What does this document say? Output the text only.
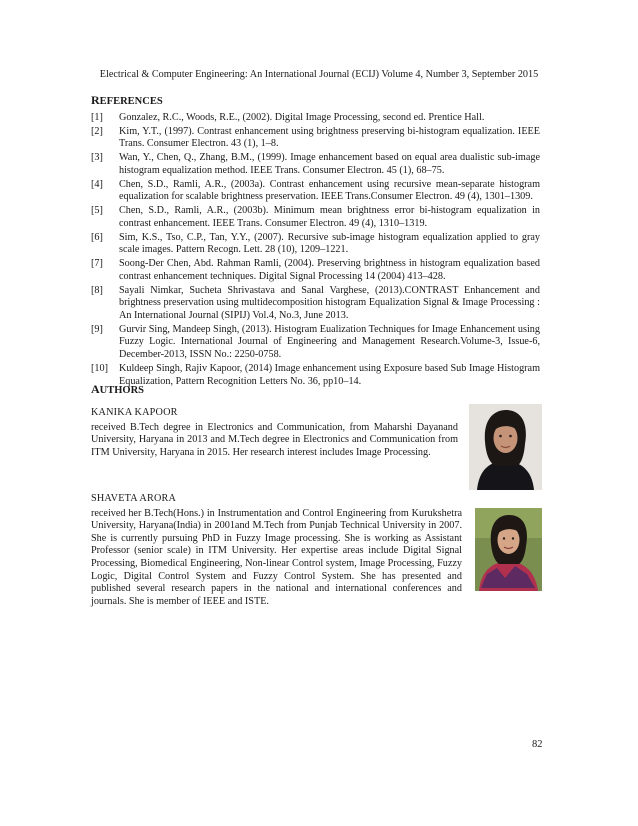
Electrical & Computer Engineering: An International Journal (ECIJ) Volume 4, Number 3, September 2015
REFERENCES
[1] Gonzalez, R.C., Woods, R.E., (2002). Digital Image Processing, second ed. Prentice Hall.
[2] Kim, Y.T., (1997). Contrast enhancement using brightness preserving bi-histogram equalization. IEEE Trans. Consumer Electron. 43 (1), 1–8.
[3] Wan, Y., Chen, Q., Zhang, B.M., (1999). Image enhancement based on equal area dualistic sub-image histogram equalization method. IEEE Trans. Consumer Electron. 45 (1), 68–75.
[4] Chen, S.D., Ramli, A.R., (2003a). Contrast enhancement using recursive mean-separate histogram equalization for scalable brightness preservation. IEEE Trans.Consumer Electron. 49 (4), 1301–1309.
[5] Chen, S.D., Ramli, A.R., (2003b). Minimum mean brightness error bi-histogram equalization in contrast enhancement. IEEE Trans. Consumer Electron. 49 (4), 1310–1319.
[6] Sim, K.S., Tso, C.P., Tan, Y.Y., (2007). Recursive sub-image histogram equalization applied to gray scale images. Pattern Recogn. Lett. 28 (10), 1209–1221.
[7] Soong-Der Chen, Abd. Rahman Ramli, (2004). Preserving brightness in histogram equalization based contrast enhancement techniques. Digital Signal Processing 14 (2004) 413–428.
[8] Sayali Nimkar, Sucheta Shrivastava and Sanal Varghese, (2013).CONTRAST Enhancement and brightness preservation using multidecomposition histogram Equalization Signal & Image Processing : An International Journal (SIPIJ) Vol.4, No.3, June 2013.
[9] Gurvir Sing, Mandeep Singh, (2013). Histogram Eualization Techniques for Image Enhancement using Fuzzy Logic. International Journal of Engineering and Management Research.Volume-3, Issue-6, December-2013, ISSN No.: 2250-0758.
[10] Kuldeep Singh, Rajiv Kapoor, (2014) Image enhancement using Exposure based Sub Image Histogram Equalization, Pattern Recognition Letters No. 36, pp10–14.
AUTHORS
KANIKA KAPOOR
received B.Tech degree in Electronics and Communication, from Maharshi Dayanand University, Haryana in 2013 and M.Tech degree in Electronics and Communication from ITM University, Haryana in 2015. Her research interest includes Image Processing.
SHAVETA ARORA
received her B.Tech(Hons.) in Instrumentation and Control Engineering from Kurukshetra University, Haryana(India) in 2001and M.Tech from Punjab Technical University in 2007. She is currently pursuing PhD in Fuzzy Image processing. She is working as Assistant Professor (senior scale) in ITM University. Her expertise areas include Digital Signal Processing, Biomedical Engineering, Non-linear Control system, Image Processing, Fuzzy Logic, Digital Control System and Fuzzy Control System. She has presented and published several research papers in the national and international conferences and journals. She is member of IEEE and ISTE.
82
